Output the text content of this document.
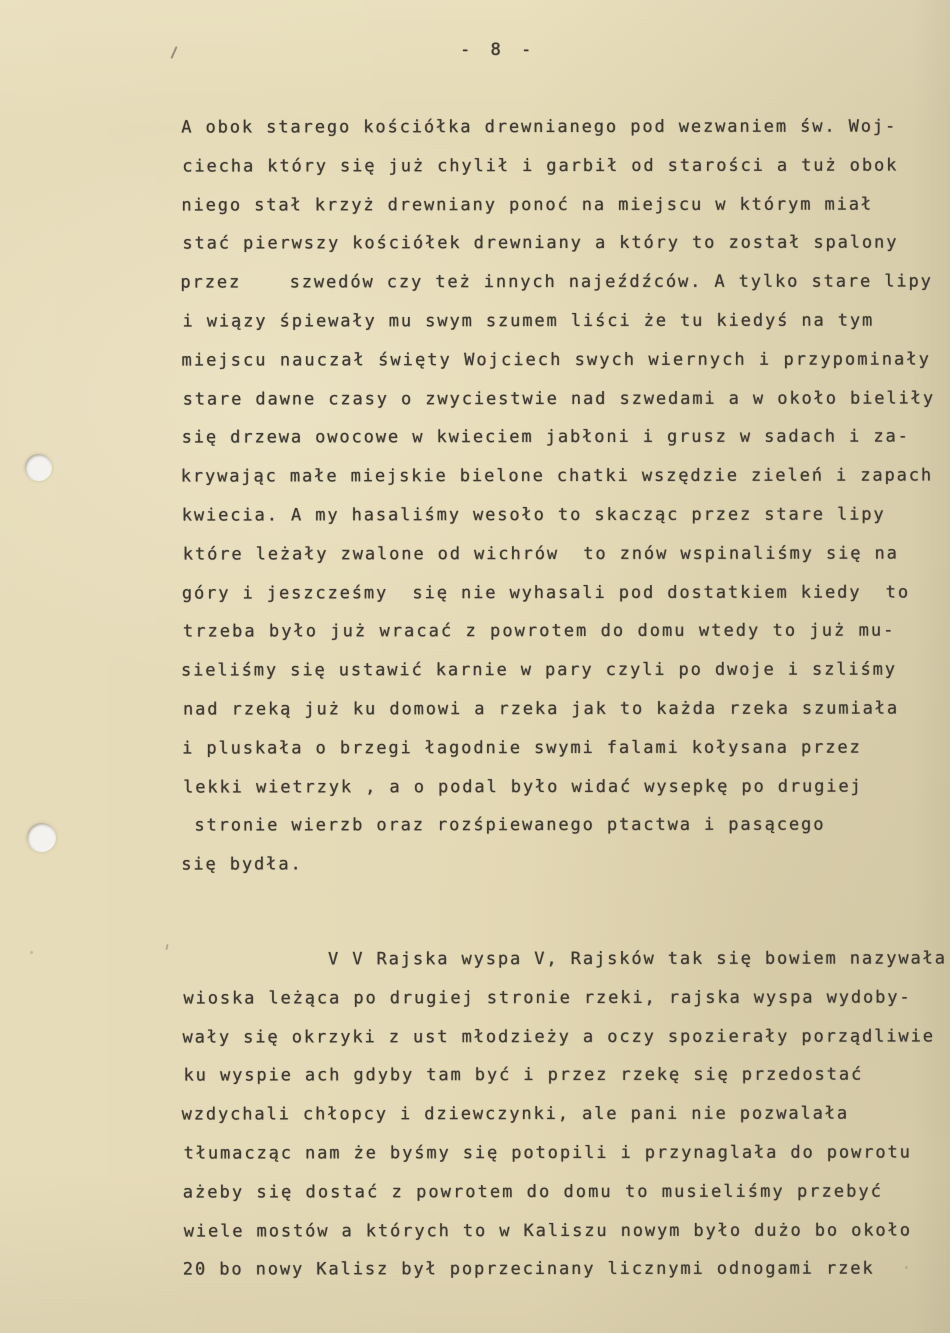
- 8 -
A obok starego kościółka drewnianego pod wezwaniem św. Woj-
ciecha który się już chylił i garbił od starości a tuż obok
niego stał krzyż drewniany ponoć na miejscu w którym miał
stać pierwszy kościółek drewniany a który to został spalony
przez    szwedów czy też innych najeźdźców. A tylko stare lipy
i wiązy śpiewały mu swym szumem liści że tu kiedyś na tym
miejscu nauczał święty Wojciech swych wiernych i przypominały
stare dawne czasy o zwyciestwie nad szwedami a w około bieliły
się drzewa owocowe w kwieciem jabłoni i grusz w sadach i za-
krywając małe miejskie bielone chatki wszędzie zieleń i zapach
kwiecia. A my hasaliśmy wesoło to skacząc przez stare lipy
które leżały zwalone od wichrów  to znów wspinaliśmy się na
góry i jeszcześmy  się nie wyhasali pod dostatkiem kiedy  to
trzeba było już wracać z powrotem do domu wtedy to już mu-
sieliśmy się ustawić karnie w pary czyli po dwoje i szliśmy
nad rzeką już ku domowi a rzeka jak to każda rzeka szumiała
i pluskała o brzegi łagodnie swymi falami kołysana przez
lekki wietrzyk , a o podal było widać wysepkę po drugiej
stronie wierzb oraz rozśpiewanego ptactwa i pasącego
się bydła.
V V Rajska wyspa V, Rajsków tak się bowiem nazywała
wioska leżąca po drugiej stronie rzeki, rajska wyspa wydoby-
wały się okrzyki z ust młodzieży a oczy spozierały porządliwie
ku wyspie ach gdyby tam być i przez rzekę się przedostać
wzdychali chłopcy i dziewczynki, ale pani nie pozwalała
tłumacząc nam że byśmy się potopili i przynaglała do powrotu
ażeby się dostać z powrotem do domu to musieliśmy przebyć
wiele mostów a których to w Kaliszu nowym było dużo bo około
20 bo nowy Kalisz był poprzecinany licznymi odnogami rzek
